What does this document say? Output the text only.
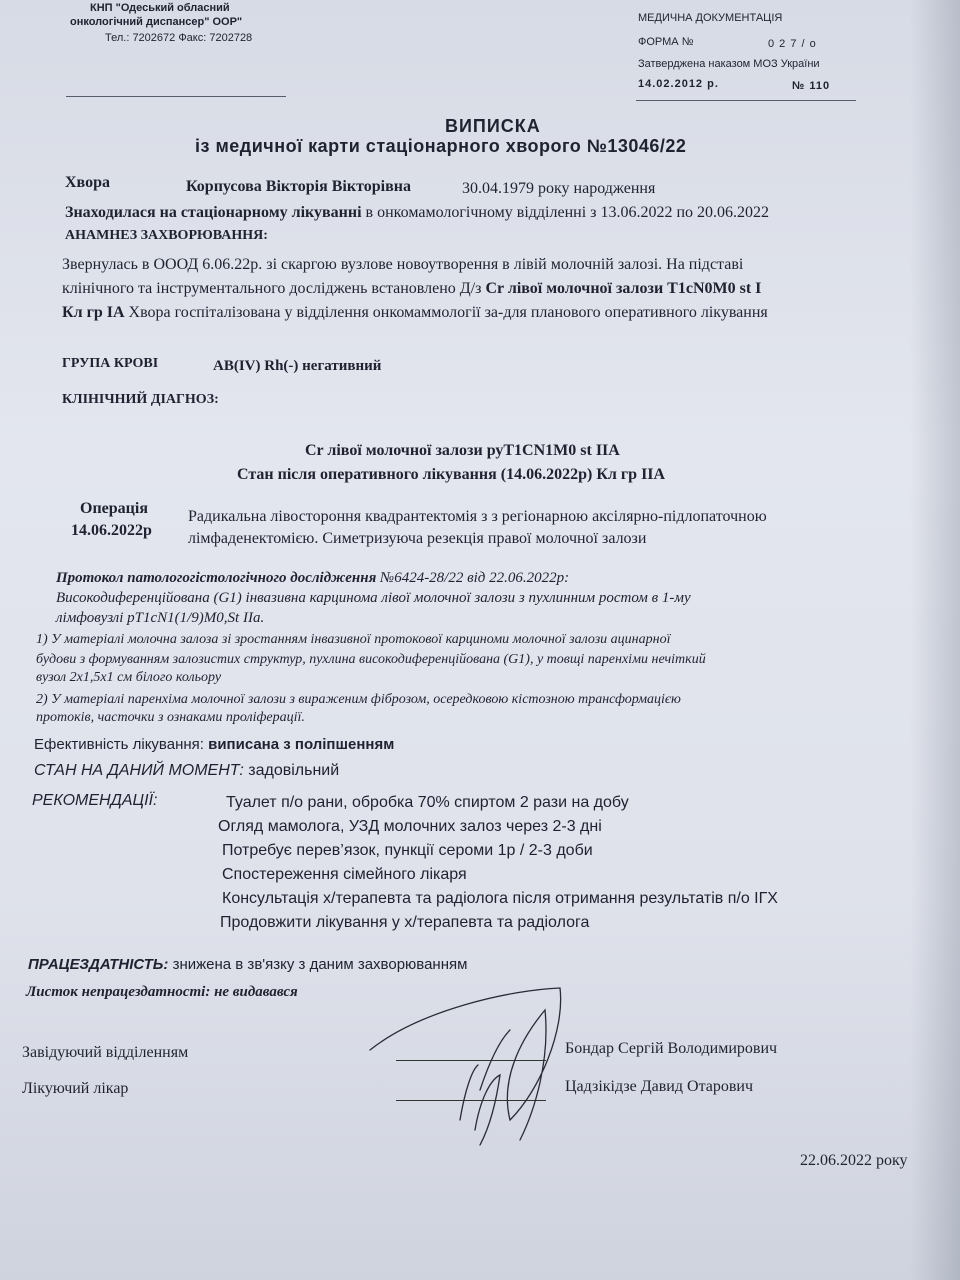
КНП "Одеський обласний
онкологічний диспансер" ООР"
Тел.: 7202672 Факс: 7202728
МЕДИЧНА ДОКУМЕНТАЦІЯ
ФОРМА №	0 2 7 / о
Затверджена наказом МОЗ України
14.02.2012 р.	№ 110
ВИПИСКА
із медичної карти стаціонарного хворого №13046/22
Хвора	Корпусова Вікторія Вікторівна	30.04.1979 року народження
Знаходилася на стаціонарному лікуванні в онкомамологічному відділенні з 13.06.2022 по 20.06.2022
АНАМНЕЗ ЗАХВОРЮВАННЯ:
Звернулась в ОООД 6.06.22р. зі скаргою вузлове новоутворення в лівій молочній залозі. На підставі
клінічного та інструментального досліджень встановлено Д/з Cr лівої молочної залози T1cN0M0 st I
Кл гр ІА Хвора госпіталізована у відділення онкомаммології за-для планового оперативного лікування
ГРУПА КРОВІ	AB(IV) Rh(-) негативний
КЛІНІЧНИЙ ДІАГНОЗ:
Cr лівої молочної залози руT1CN1M0 st IIA
Стан після оперативного лікування (14.06.2022р) Кл гр IIA
Операція
14.06.2022р
Радикальна лівостороння квадрантектомія з з регіонарною аксілярно-підлопаточною
лімфаденектомією. Симетризуюча резекція правої молочної залози
Протокол патологогістологічного дослідження №6424-28/22 від 22.06.2022р:
Високодиференційована (G1) інвазивна карцинома лівої молочної залози з пухлинним ростом в 1-му
лімфовузлі pT1cN1(1/9)M0,St IIa.
1) У матеріалі молочна залоза зі зростанням інвазивної протокової карциноми молочної залози ацинарної
будови з формуванням залозистих структур, пухлина високодиференційована (G1), у товщі паренхіми нечіткий
вузол 2х1,5х1 см білого кольору
2) У матеріалі паренхіма молочної залози з вираженим фіброзом, осередковою кістозною трансформацією
протоків, часточки з ознаками проліферації.
Ефективність лікування: виписана з поліпшенням
СТАН НА ДАНИЙ МОМЕНТ: задовільний
РЕКОМЕНДАЦІЇ:	Туалет п/о рани, обробка 70% спиртом 2 рази на добу
Огляд мамолога, УЗД молочних залоз через 2-3 дні
Потребує перев’язок, пункції сероми 1р / 2-3 доби
Спостереження сімейного лікаря
Консультація х/терапевта та радіолога після отримання результатів п/о ІГХ
Продовжити лікування у х/терапевта та радіолога
ПРАЦЕЗДАТНІСТЬ: знижена в зв'язку з даним захворюванням
Листок непрацездатності: не видавався
Завідуючий відділенням	Бондар Сергій Володимирович
Лікуючий лікар	Цадзікідзе Давид Отарович
22.06.2022 року
